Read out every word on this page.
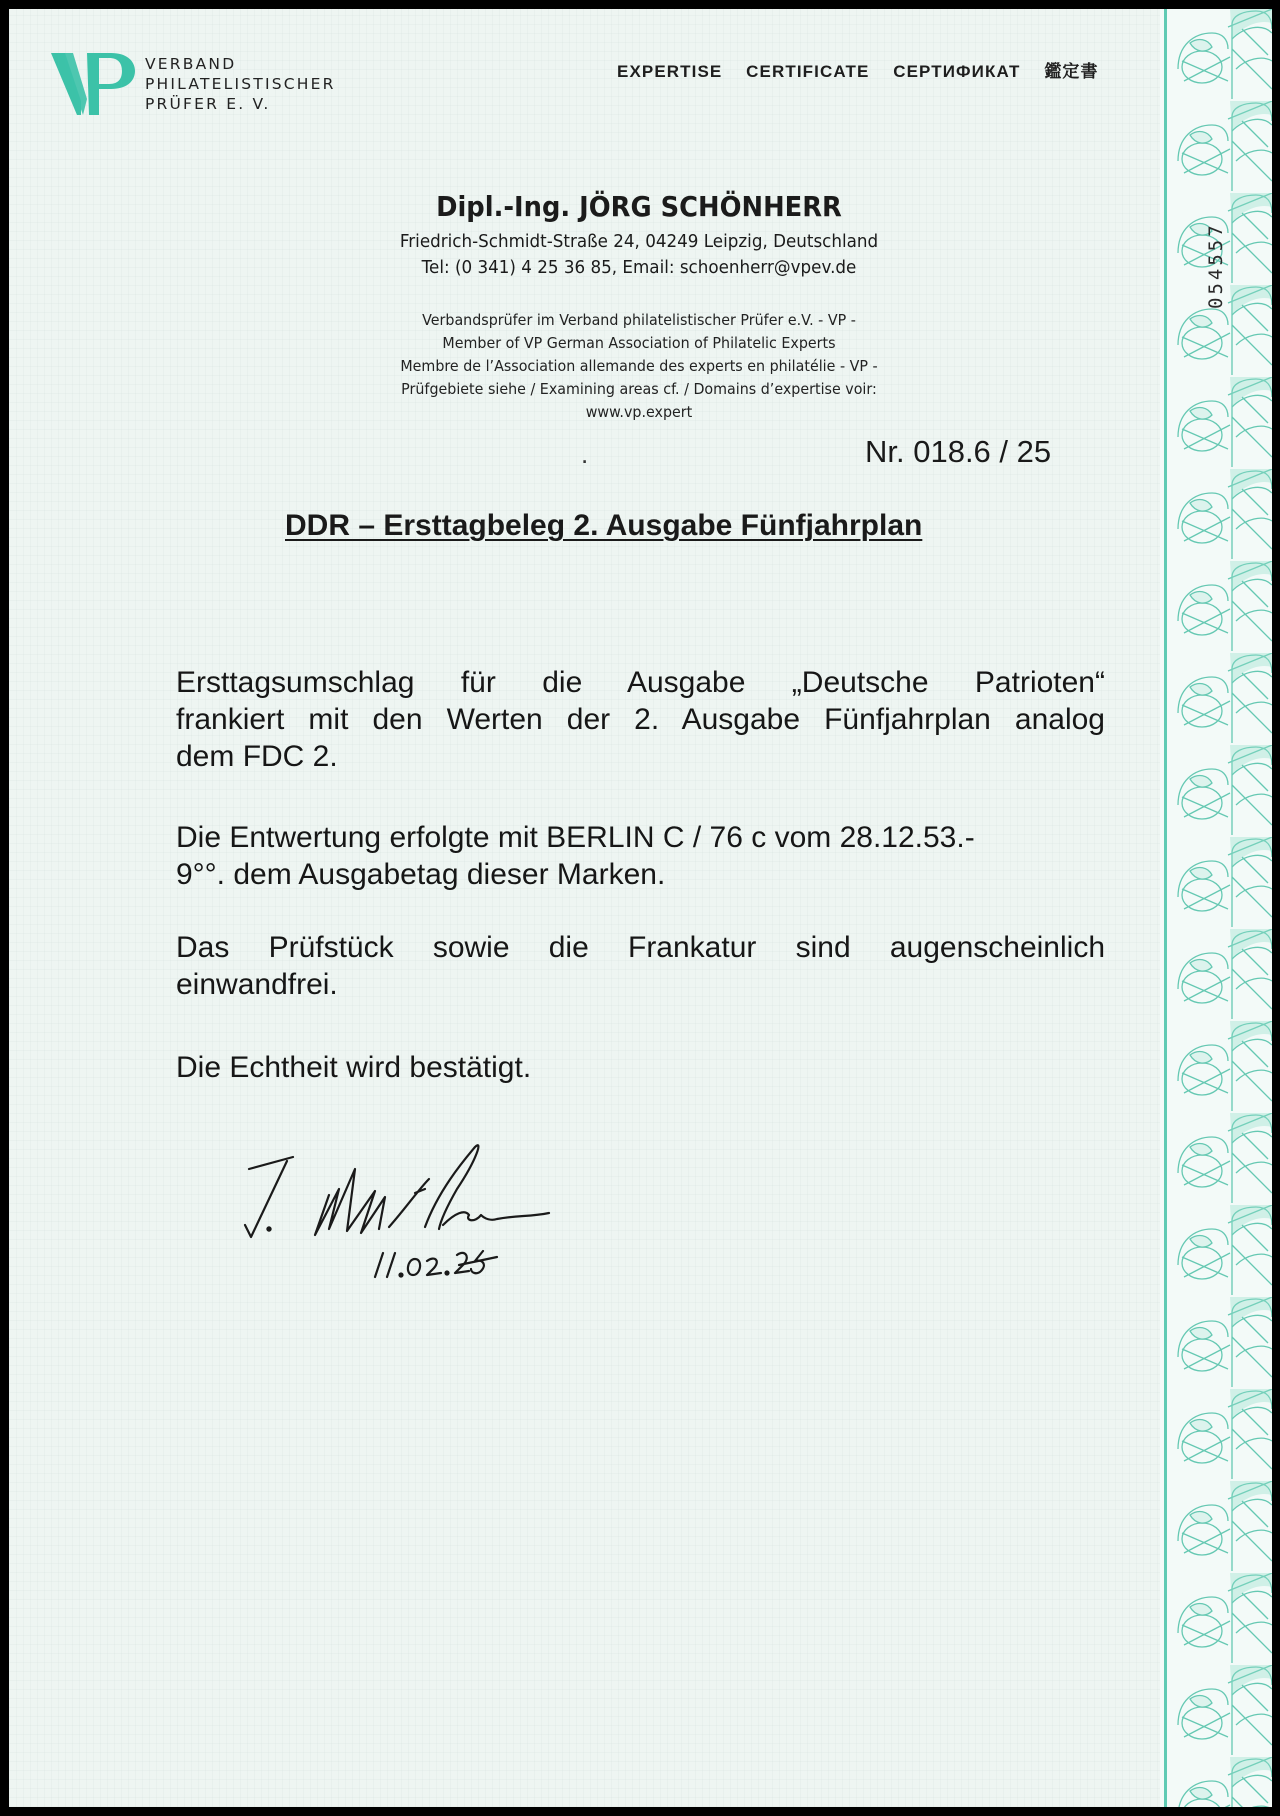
VERBAND
PHILATELISTISCHER
PRÜFER E. V.
EXPERTISE CERTIFICATE СЕРТИФИКАТ 鑑定書
Dipl.-Ing. JÖRG SCHÖNHERR
Friedrich-Schmidt-Straße 24, 04249 Leipzig, Deutschland
Tel: (0 341) 4 25 36 85, Email: schoenherr@vpev.de
Verbandsprüfer im Verband philatelistischer Prüfer e.V. - VP -
Member of VP German Association of Philatelic Experts
Membre de l’Association allemande des experts en philatélie - VP -
Prüfgebiete siehe / Examining areas cf. / Domains d’expertise voir:
www.vp.expert
.	Nr. 018.6 / 25
DDR – Ersttagbeleg 2. Ausgabe Fünfjahrplan
Ersttagsumschlag für die Ausgabe „Deutsche Patrioten“
frankiert mit den Werten der 2. Ausgabe Fünfjahrplan analog
dem FDC 2.
Die Entwertung erfolgte mit BERLIN C / 76 c vom 28.12.53.-
9°°. dem Ausgabetag dieser Marken.
Das Prüfstück sowie die Frankatur sind augenscheinlich
einwandfrei.
Die Echtheit wird bestätigt.
054557
